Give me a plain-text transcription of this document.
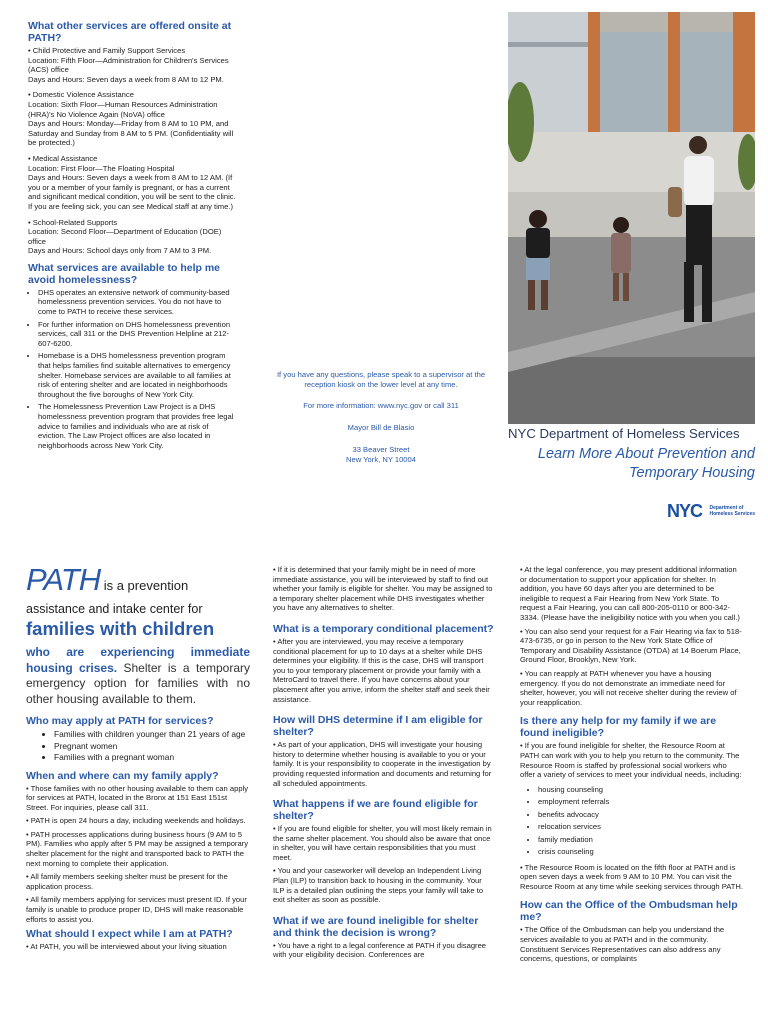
What other services are offered onsite at PATH?
• Child Protective and Family Support Services
Location: Fifth Floor—Administration for Children's Services (ACS) office
Days and Hours: Seven days a week from 8 AM to 12 PM.
• Domestic Violence Assistance
Location: Sixth Floor—Human Resources Administration (HRA)'s No Violence Again (NoVA) office
Days and Hours: Monday—Friday from 8 AM to 10 PM, and Saturday and Sunday from 8 AM to 5 PM. (Confidentiality will be protected.)
• Medical Assistance
Location: First Floor—The Floating Hospital
Days and Hours: Seven days a week from 8 AM to 12 AM. (If you or a member of your family is pregnant, or has a current and significant medical condition, you will be sent to the clinic. If you are feeling sick, you can see Medical staff at any time.)
• School-Related Supports
Location: Second Floor—Department of Education (DOE) office
Days and Hours: School days only from 7 AM to 3 PM.
What services are available to help me avoid homelessness?
• DHS operates an extensive network of community-based homelessness prevention services. You do not have to come to PATH to receive these services.
• For further information on DHS homelessness prevention services, call 311 or the DHS Prevention Helpline at 212-607-6200.
• Homebase is a DHS homelessness prevention program that helps families find suitable alternatives to emergency shelter. Homebase services are available to all families at risk of entering shelter and are located in neighborhoods throughout the five boroughs of New York City.
• The Homelessness Prevention Law Project is a DHS homelessness prevention program that provides free legal advice to families and individuals who are at risk of eviction. The Law Project offices are also located in neighborhoods across New York City.
If you have any questions, please speak to a supervisor at the reception kiosk on the lower level at any time.
For more information: www.nyc.gov or call 311
Mayor Bill de Blasio
33 Beaver Street
New York, NY 10004
NYC Department of Homeless Services
Learn More About Prevention and
Temporary Housing
NYC Department of
Homeless Services
PATH is a prevention
assistance and intake center for
families with children
who are experiencing immediate housing crises. Shelter is a temporary emergency option for families with no other housing available to them.
Who may apply at PATH for services?
• Families with children younger than 21 years of age
• Pregnant women
• Families with a pregnant woman
When and where can my family apply?

• Those families with no other housing available to them can apply for services at PATH, located in the Bronx at 151 East 151st Street. For inquiries, please call 311.

• PATH is open 24 hours a day, including weekends and holidays.

• PATH processes applications during business hours (9 AM to 5 PM). Families who apply after 5 PM may be assigned a temporary shelter placement for the night and transported back to PATH the next morning to complete their application.

• All family members seeking shelter must be present for the application process.

• All family members applying for services must present ID. If your family is unable to produce proper ID, DHS will make reasonable efforts to assist you.

What should I expect while I am at PATH?
• At PATH, you will be interviewed about your living situation

• If it is determined that your family might be in need of more immediate assistance, you will be interviewed by staff to find out whether your family is eligible for shelter. You may be assigned to a temporary shelter placement while DHS investigates whether you have any alternatives to shelter.

What is a temporary conditional placement?

• After you are interviewed, you may receive a temporary conditional placement for up to 10 days at a shelter while DHS determines your eligibility. If this is the case, DHS will transport you to your temporary placement or provide your family with a MetroCard to travel there. If you have concerns about your placement after you arrive, inform the shelter staff and seek their assistance.

How will DHS determine if I am eligible for shelter?

• As part of your application, DHS will investigate your housing history to determine whether housing is available to you or your family. It is your responsibility to cooperate in the investigation by providing requested information and documents and returning for all scheduled appointments.

What happens if we are found eligible for shelter?

• If you are found eligible for shelter, you will most likely remain in the same shelter placement. You should also be aware that once in shelter, you will have certain responsibilities that you must meet.

• You and your caseworker will develop an Independent Living Plan (ILP) to transition back to housing in the community. Your ILP is a detailed plan outlining the steps your family will take to exit shelter as soon as possible.

What if we are found ineligible for shelter and think the decision is wrong?
• You have a right to a legal conference at PATH if you disagree with your eligibility decision. Conferences are

• At the legal conference, you may present additional information or documentation to support your application for shelter. In addition, you have 60 days after you are determined to be ineligible to request a Fair Hearing from New York State. To request a Fair Hearing, you can call 800-205-0110 or 800-342-3334. (Please have the ineligibility notice with you when you call.)

• You can also send your request for a Fair Hearing via fax to 518-473-6735, or go in person to the New York State Office of Temporary and Disability Assistance (OTDA) at 14 Boerum Place, Ground Floor, Brooklyn, New York.

• You can reapply at PATH whenever you have a housing emergency. If you do not demonstrate an immediate need for shelter, however, you will not receive shelter during the review of your reapplication.

Is there any help for my family if we are found ineligible?

• If you are found ineligible for shelter, the Resource Room at PATH can work with you to help you return to the community. The Resource Room is staffed by professional social workers who offer a variety of services to meet your individual needs, including:

• housing counseling
• employment referrals
• benefits advocacy
• relocation services
• family mediation
• crisis counseling

• The Resource Room is located on the fifth floor at PATH and is open seven days a week from 9 AM to 10 PM. You can visit the Resource Room at any time while seeking services through PATH.

How can the Office of the Ombudsman help me?
• The Office of the Ombudsman can help you understand the services available to you at PATH and in the community. Constituent Services Representatives can also address any concerns, questions, or complaints
